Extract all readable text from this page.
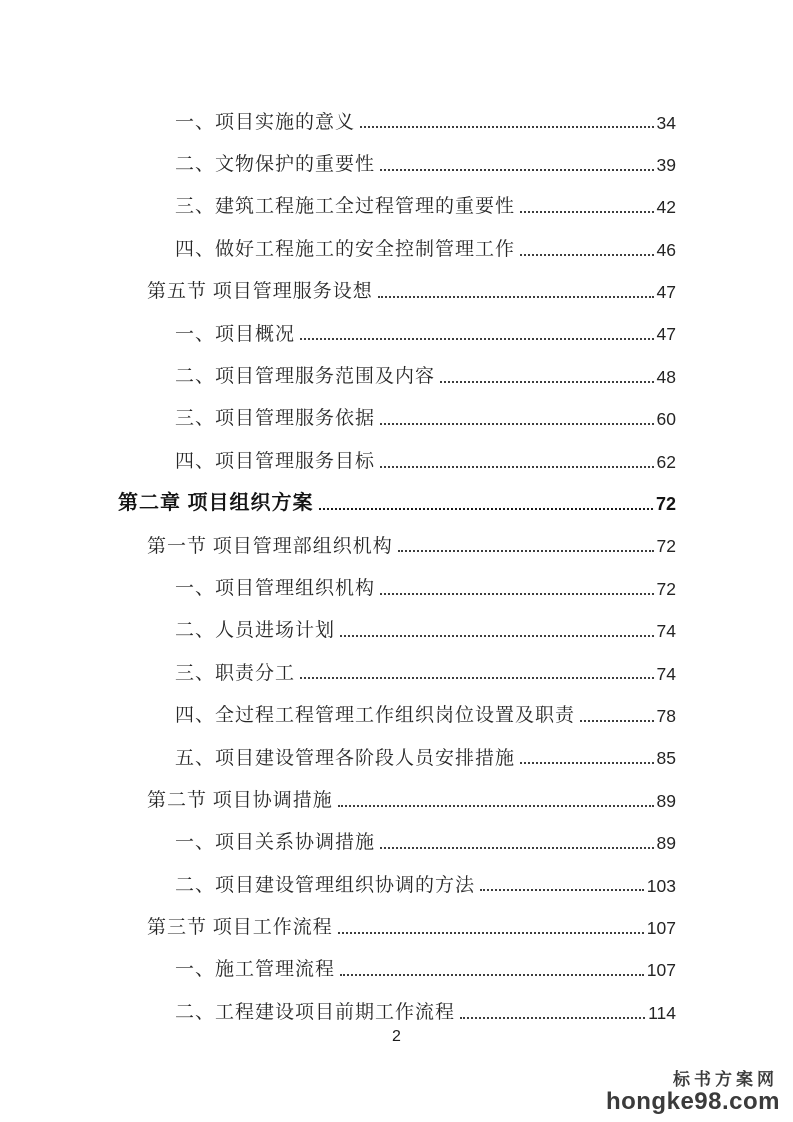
一、项目实施的意义	34
二、文物保护的重要性	39
三、建筑工程施工全过程管理的重要性	42
四、做好工程施工的安全控制管理工作	46
第五节 项目管理服务设想	47
一、项目概况	47
二、项目管理服务范围及内容	48
三、项目管理服务依据	60
四、项目管理服务目标	62
第二章 项目组织方案	72
第一节 项目管理部组织机构	72
一、项目管理组织机构	72
二、人员进场计划	74
三、职责分工	74
四、全过程工程管理工作组织岗位设置及职责	78
五、项目建设管理各阶段人员安排措施	85
第二节 项目协调措施	89
一、项目关系协调措施	89
二、项目建设管理组织协调的方法	103
第三节 项目工作流程	107
一、施工管理流程	107
二、工程建设项目前期工作流程	114
2
标书方案网
hongke98.com
